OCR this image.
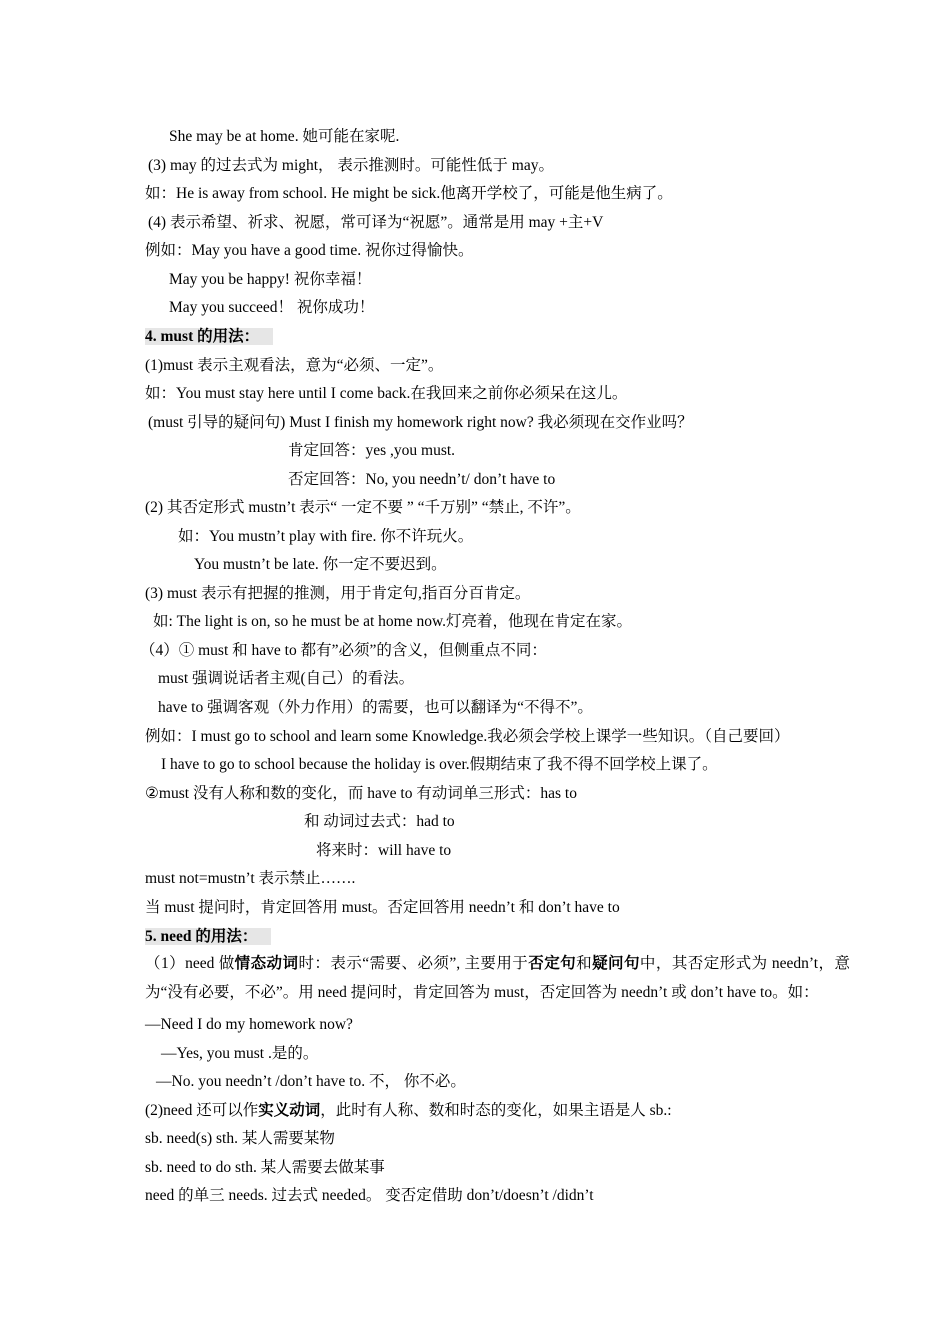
She may be at home. 她可能在家呢.
(3) may 的过去式为 might， 表示推测时。可能性低于 may。
如：He is away from school. He might be sick.他离开学校了，可能是他生病了。
(4) 表示希望、祈求、祝愿，常可译为“祝愿”。通常是用 may +主+V
例如：May you have a good time. 祝你过得愉快。
May you be happy! 祝你幸福！
May you succeed！ 祝你成功！
4. must 的用法：
(1)must 表示主观看法，意为“必须、一定”。
如：You must stay here until I come back.在我回来之前你必须呆在这儿。
(must 引导的疑问句) Must I finish my homework right now? 我必须现在交作业吗？
肯定回答：yes ,you must.
否定回答：No, you needn’t/ don’t have to
(2) 其否定形式 mustn’t 表示“ 一定不要 ” “千万别” “禁止, 不许”。
如：You mustn’t play with fire. 你不许玩火。
You mustn’t be late. 你一定不要迟到。
(3) must 表示有把握的推测，用于肯定句,指百分百肯定。
如: The light is on, so he must be at home now.灯亮着，他现在肯定在家。
（4）① must 和 have to 都有”必须”的含义，但侧重点不同：
must 强调说话者主观(自己）的看法。
have to 强调客观（外力作用）的需要，也可以翻译为“不得不”。
例如：I must go to school and learn some Knowledge.我必须会学校上课学一些知识。（自己要回）
I have to go to school because the holiday is over.假期结束了我不得不回学校上课了。
②must 没有人称和数的变化，而 have to 有动词单三形式：has to
和 动词过去式：had to
将来时：will have to
must not=mustn’t 表示禁止…….
当 must 提问时，肯定回答用 must。否定回答用 needn’t 和 don’t have to
5. need 的用法：
（1）need 做情态动词时：表示“需要、必须”, 主要用于否定句和疑问句中，其否定形式为 needn’t，意为“没有必要，不必”。用 need 提问时，肯定回答为 must，否定回答为 needn’t 或 don’t have to。如：
—Need I do my homework now?
—Yes, you must .是的。
—No. you needn’t /don’t have to. 不， 你不必。
(2)need 还可以作实义动词，此时有人称、数和时态的变化，如果主语是人 sb.:
sb. need(s) sth. 某人需要某物
sb. need to do sth. 某人需要去做某事
need 的单三 needs. 过去式 needed。 变否定借助 don’t/doesn’t /didn’t
